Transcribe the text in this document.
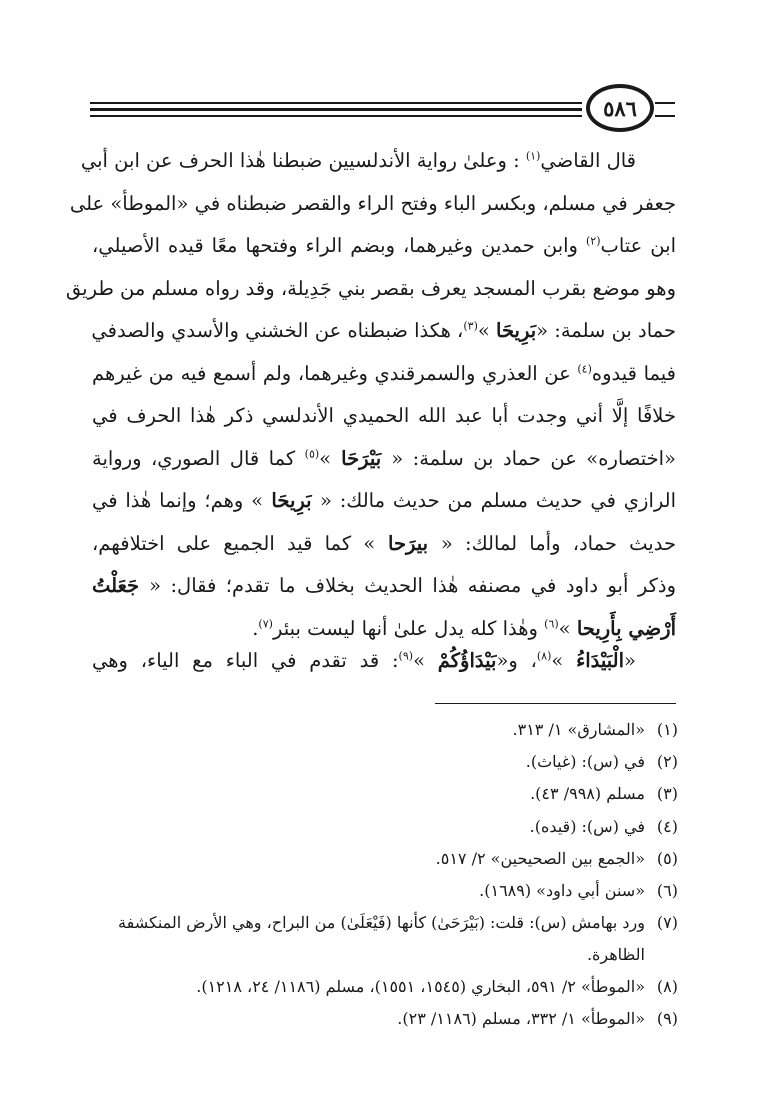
٥٨٦
قال القاضي$^{(١)}$ : وعلىٰ رواية الأندلسيين ضبطنا هٰذا الحرف عن ابن أبي
جعفر في مسلم، وبكسر الباء وفتح الراء والقصر ضبطناه في «الموطأ» على
ابن عتاب$^{(٢)}$ وابن حمدين وغيرهما، وبضم الراء وفتحها معًا قيده الأصيلي،
وهو موضع بقرب المسجد يعرف بقصر بني جَدِيلة، وقد رواه مسلم من طريق
حماد بن سلمة: «بَرِيحَا »$^{(٣)}$، هكذا ضبطناه عن الخشني والأسدي والصدفي
فيما قيدوه$^{(٤)}$ عن العذري والسمرقندي وغيرهما، ولم أسمع فيه من غيرهم
خلافًا إلَّا أني وجدت أبا عبد الله الحميدي الأندلسي ذكر هٰذا الحرف في
«اختصاره» عن حماد بن سلمة: « بَيْرَحَا »$^{(٥)}$ كما قال الصوري، ورواية
الرازي في حديث مسلم من حديث مالك: « بَرِيحَا » وهم؛ وإنما هٰذا في
حديث حماد، وأما لمالك: « بيرَحا » كما قيد الجميع على اختلافهم،
وذكر أبو داود في مصنفه هٰذا الحديث بخلاف ما تقدم؛ فقال: « جَعَلْتُ
أَرْضِي بِأَرِيحا »$^{(٦)}$ وهٰذا كله يدل علىٰ أنها ليست ببئر$^{(٧)}$.
«الْبَيْدَاءُ »$^{(٨)}$، و«بَيْدَاؤُكُمْ »$^{(٩)}$: قد تقدم في الباء مع الياء، وهي
(١)
«المشارق» ١/ ٣١٣.
(٢)
في (س): (غياث).
(٣)
مسلم (٩٩٨/ ٤٣).
(٤)
في (س): (قيده).
(٥)
«الجمع بين الصحيحين» ٢/ ٥١٧.
(٦)
«سنن أبي داود» (١٦٨٩).
(٧)
ورد بهامش (س): قلت: (بَيْرَحَىٰ) كأنها (فَيْعَلَىٰ) من البراح، وهي الأرض المنكشفة الظاهرة.
(٨)
«الموطأ» ٢/ ٥٩١، البخاري (١٥٤٥، ١٥٥١)، مسلم (١١٨٦/ ٢٤، ١٢١٨).
(٩)
«الموطأ» ١/ ٣٣٢، مسلم (١١٨٦/ ٢٣).
